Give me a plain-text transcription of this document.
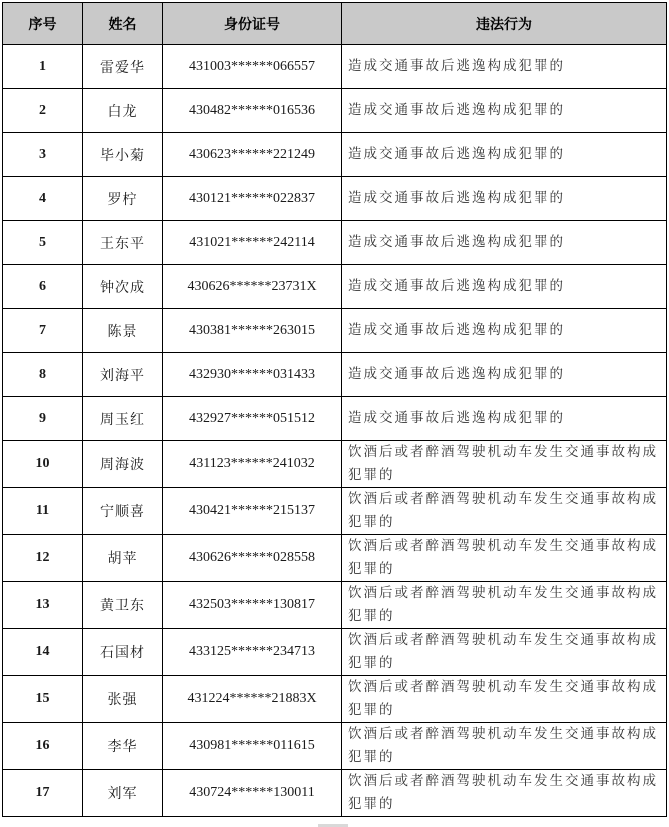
序号	姓名	身份证号	违法行为
1	雷爱华	431003******066557	造成交通事故后逃逸构成犯罪的
2	白龙	430482******016536	造成交通事故后逃逸构成犯罪的
3	毕小菊	430623******221249	造成交通事故后逃逸构成犯罪的
4	罗柠	430121******022837	造成交通事故后逃逸构成犯罪的
5	王东平	431021******242114	造成交通事故后逃逸构成犯罪的
6	钟次成	430626******23731X	造成交通事故后逃逸构成犯罪的
7	陈景	430381******263015	造成交通事故后逃逸构成犯罪的
8	刘海平	432930******031433	造成交通事故后逃逸构成犯罪的
9	周玉红	432927******051512	造成交通事故后逃逸构成犯罪的
10	周海波	431123******241032	饮酒后或者醉酒驾驶机动车发生交通事故构成犯罪的
11	宁顺喜	430421******215137	饮酒后或者醉酒驾驶机动车发生交通事故构成犯罪的
12	胡苹	430626******028558	饮酒后或者醉酒驾驶机动车发生交通事故构成犯罪的
13	黄卫东	432503******130817	饮酒后或者醉酒驾驶机动车发生交通事故构成犯罪的
14	石国材	433125******234713	饮酒后或者醉酒驾驶机动车发生交通事故构成犯罪的
15	张强	431224******21883X	饮酒后或者醉酒驾驶机动车发生交通事故构成犯罪的
16	李华	430981******011615	饮酒后或者醉酒驾驶机动车发生交通事故构成犯罪的
17	刘军	430724******130011	饮酒后或者醉酒驾驶机动车发生交通事故构成犯罪的
